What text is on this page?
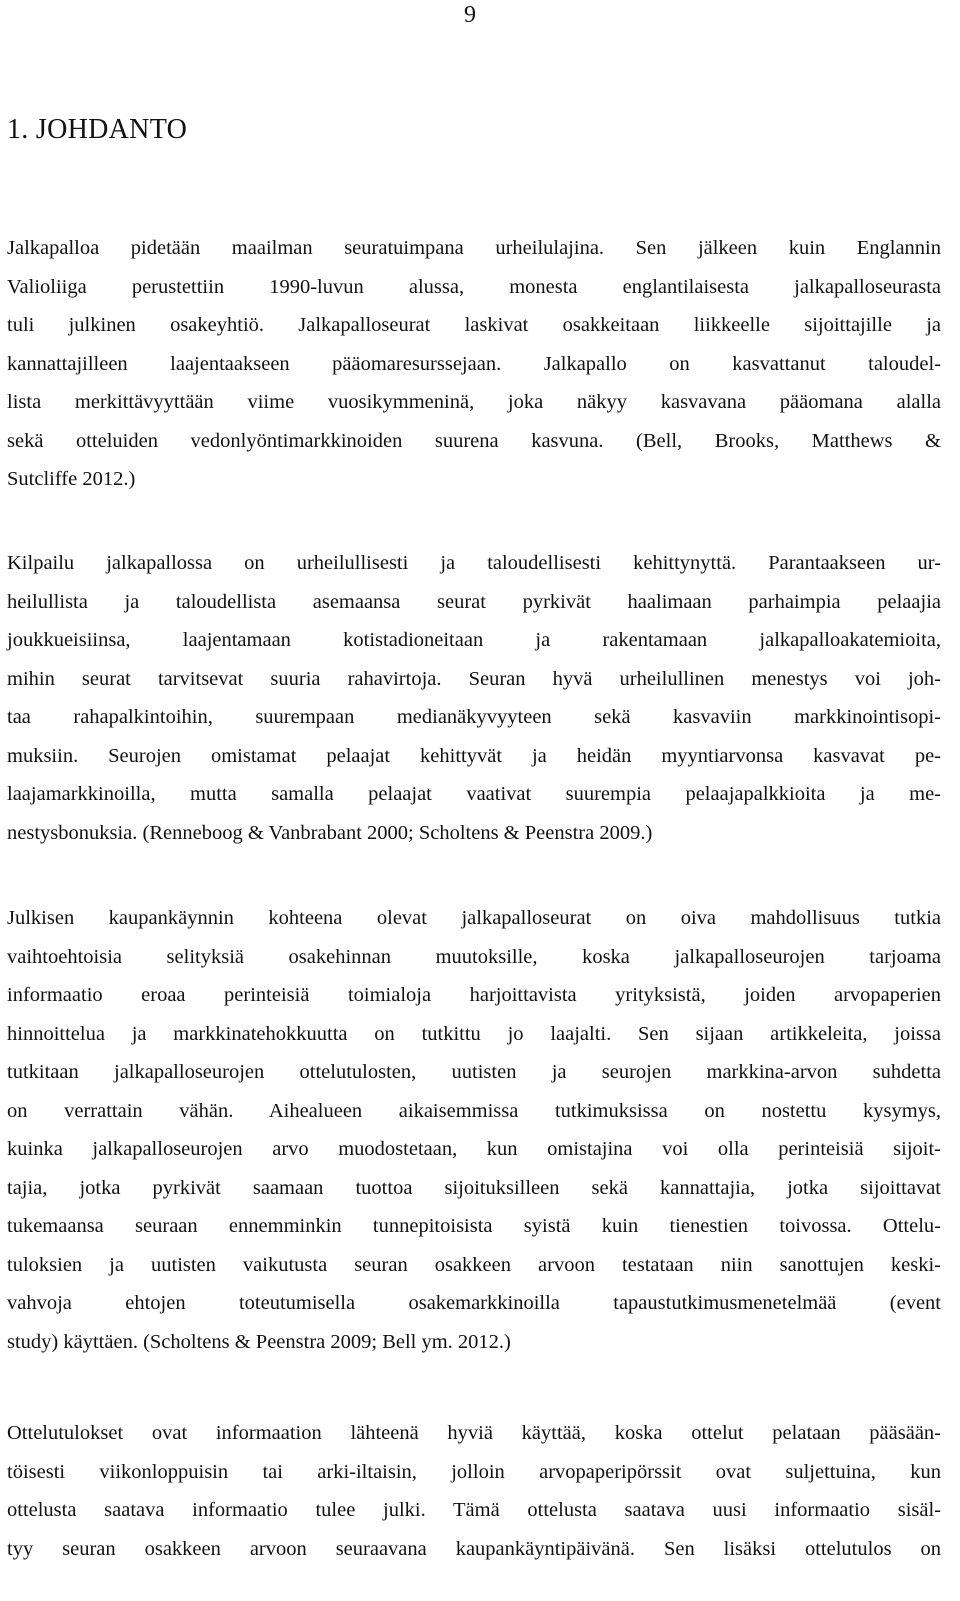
9
1. JOHDANTO
Jalkapalloa pidetään maailman seuratuimpana urheilulajina. Sen jälkeen kuin Englannin
Valioliiga perustettiin 1990-luvun alussa, monesta englantilaisesta jalkapalloseurasta
tuli julkinen osakeyhtiö. Jalkapalloseurat laskivat osakkeitaan liikkeelle sijoittajille ja
kannattajilleen laajentaakseen pääomaresurssejaan. Jalkapallo on kasvattanut taloudel-
lista merkittävyyttään viime vuosikymmeninä, joka näkyy kasvavana pääomana alalla
sekä otteluiden vedonlyöntimarkkinoiden suurena kasvuna. (Bell, Brooks, Matthews &
Sutcliffe 2012.)
Kilpailu jalkapallossa on urheilullisesti ja taloudellisesti kehittynyttä. Parantaakseen ur-
heilullista ja taloudellista asemaansa seurat pyrkivät haalimaan parhaimpia pelaajia
joukkueisiinsa, laajentamaan kotistadioneitaan ja rakentamaan jalkapalloakatemioita,
mihin seurat tarvitsevat suuria rahavirtoja. Seuran hyvä urheilullinen menestys voi joh-
taa rahapalkintoihin, suurempaan medianäkyvyyteen sekä kasvaviin markkinointisopi-
muksiin. Seurojen omistamat pelaajat kehittyvät ja heidän myyntiarvonsa kasvavat pe-
laajamarkkinoilla, mutta samalla pelaajat vaativat suurempia pelaajapalkkioita ja me-
nestysbonuksia. (Renneboog & Vanbrabant 2000; Scholtens & Peenstra 2009.)
Julkisen kaupankäynnin kohteena olevat jalkapalloseurat on oiva mahdollisuus tutkia
vaihtoehtoisia selityksiä osakehinnan muutoksille, koska jalkapalloseurojen tarjoama
informaatio eroaa perinteisiä toimialoja harjoittavista yrityksistä, joiden arvopaperien
hinnoittelua ja markkinatehokkuutta on tutkittu jo laajalti. Sen sijaan artikkeleita, joissa
tutkitaan jalkapalloseurojen ottelutulosten, uutisten ja seurojen markkina-arvon suhdetta
on verrattain vähän. Aihealueen aikaisemmissa tutkimuksissa on nostettu kysymys,
kuinka jalkapalloseurojen arvo muodostetaan, kun omistajina voi olla perinteisiä sijoit-
tajia, jotka pyrkivät saamaan tuottoa sijoituksilleen sekä kannattajia, jotka sijoittavat
tukemaansa seuraan ennemminkin tunnepitoisista syistä kuin tienestien toivossa. Ottelu-
tuloksien ja uutisten vaikutusta seuran osakkeen arvoon testataan niin sanottujen keski-
vahvoja ehtojen toteutumisella osakemarkkinoilla tapaustutkimusmenetelmää (event
study) käyttäen. (Scholtens & Peenstra 2009; Bell ym. 2012.)
Ottelutulokset ovat informaation lähteenä hyviä käyttää, koska ottelut pelataan pääsään-
töisesti viikonloppuisin tai arki-iltaisin, jolloin arvopaperipörssit ovat suljettuina, kun
ottelusta saatava informaatio tulee julki. Tämä ottelusta saatava uusi informaatio sisäl-
tyy seuran osakkeen arvoon seuraavana kaupankäyntipäivänä. Sen lisäksi ottelutulos on
